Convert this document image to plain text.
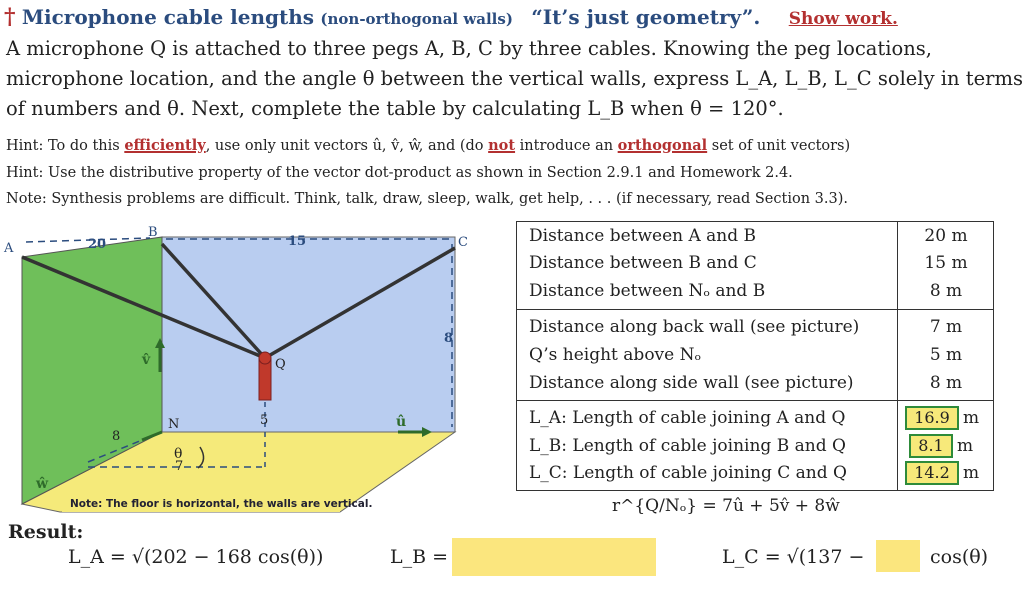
† Microphone cable lengths (non-orthogonal walls) “It’s just geometry”. Show work.
A microphone Q is attached to three pegs A, B, C by three cables. Knowing the peg locations,
microphone location, and the angle θ between the vertical walls, express L_A, L_B, L_C solely in terms
of numbers and θ. Next, complete the table by calculating L_B when θ = 120°.
Hint: To do this efficiently, use only unit vectors û, v̂, ŵ, and (do not introduce an orthogonal set of unit vectors)
Hint: Use the distributive property of the vector dot-product as shown in Section 2.9.1 and Homework 2.4.
Note: Synthesis problems are difficult. Think, talk, draw, sleep, walk, get help, . . . (if necessary, read Section 3.3).
Note: The floor is horizontal, the walls are vertical.
A
B
C
Q
N
20	15
8
8
5
7
θ
û
v̂
ŵ
Distance between A and B	20 m
Distance between B and C	15 m
Distance between Nₒ and B	8 m
Distance along back wall (see picture)	7 m
Q’s height above Nₒ	5 m
Distance along side wall (see picture)	8 m
L_A: Length of cable joining A and Q	16.9 m
L_B: Length of cable joining B and Q	8.1 m
L_C: Length of cable joining C and Q	14.2 m
r^{Q/Nₒ} = 7û + 5v̂ + 8ŵ
Result:
L_A = √(202 − 168 cos(θ))	L_B =	L_C = √(137 −	cos(θ)
